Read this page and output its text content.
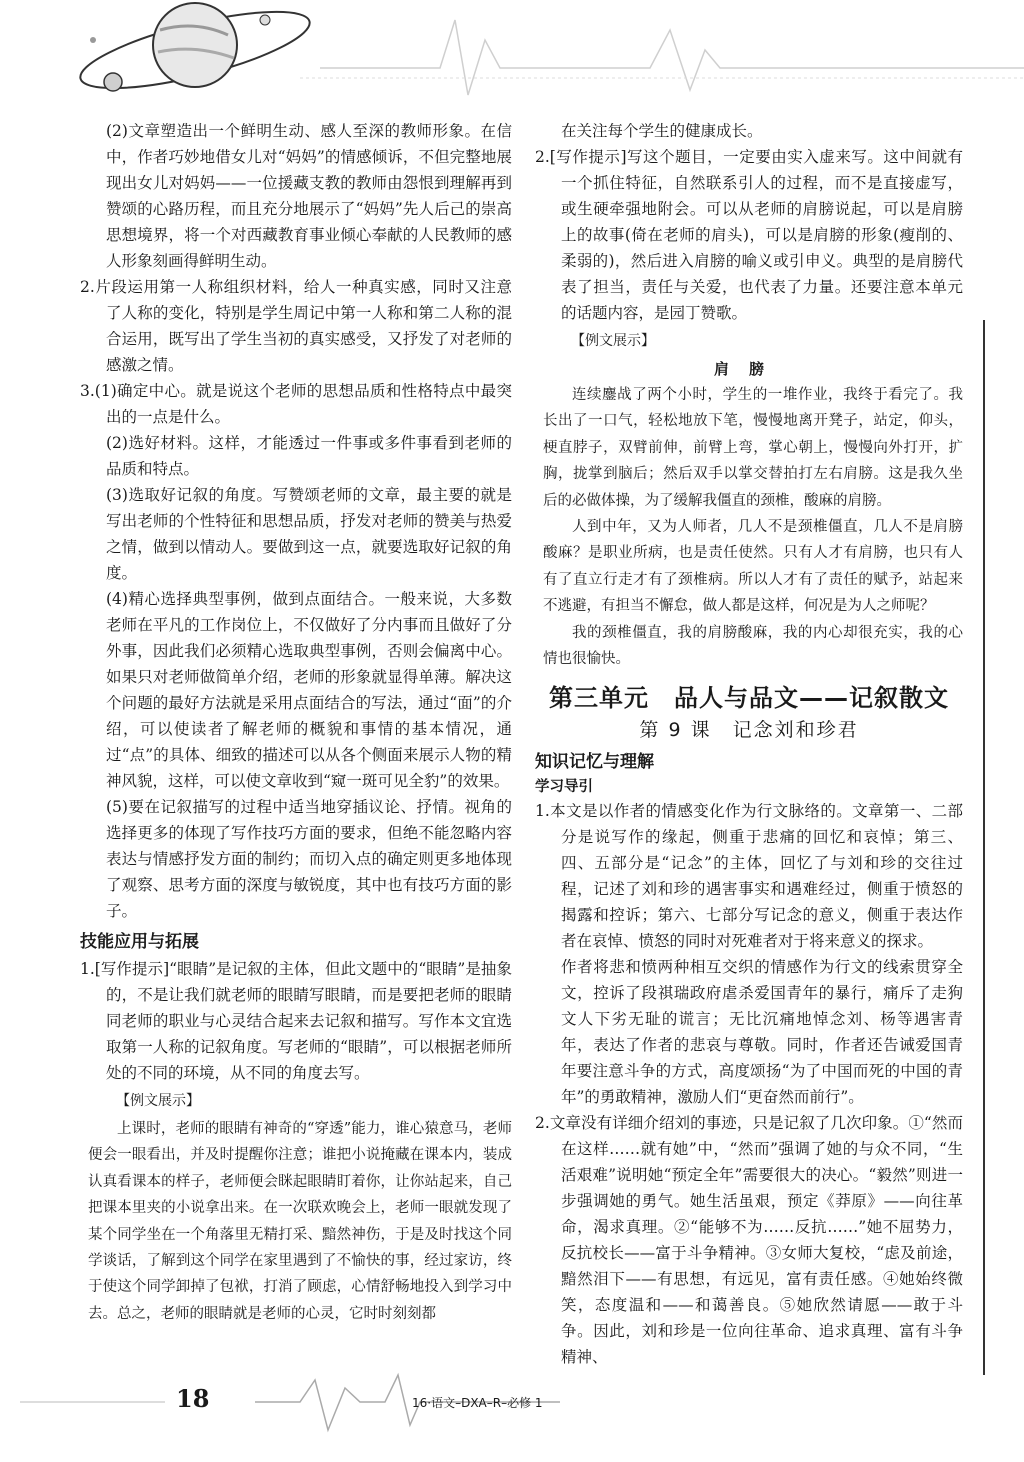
(2)文章塑造出一个鲜明生动、感人至深的教师形象。在信中，作者巧妙地借女儿对“妈妈”的情感倾诉，不但完整地展现出女儿对妈妈——一位援藏支教的教师由怨恨到理解再到赞颂的心路历程，而且充分地展示了“妈妈”先人后己的崇高思想境界，将一个对西藏教育事业倾心奉献的人民教师的感人形象刻画得鲜明生动。

2.片段运用第一人称组织材料，给人一种真实感，同时又注意了人称的变化，特别是学生周记中第一人称和第二人称的混合运用，既写出了学生当初的真实感受，又抒发了对老师的感激之情。

3.(1)确定中心。就是说这个老师的思想品质和性格特点中最突出的一点是什么。

(2)选好材料。这样，才能透过一件事或多件事看到老师的品质和特点。

(3)选取好记叙的角度。写赞颂老师的文章，最主要的就是写出老师的个性特征和思想品质，抒发对老师的赞美与热爱之情，做到以情动人。要做到这一点，就要选取好记叙的角度。

(4)精心选择典型事例，做到点面结合。一般来说，大多数老师在平凡的工作岗位上，不仅做好了分内事而且做好了分外事，因此我们必须精心选取典型事例，否则会偏离中心。如果只对老师做简单介绍，老师的形象就显得单薄。解决这个问题的最好方法就是采用点面结合的写法，通过“面”的介绍，可以使读者了解老师的概貌和事情的基本情况，通过“点”的具体、细致的描述可以从各个侧面来展示人物的精神风貌，这样，可以使文章收到“窥一斑可见全豹”的效果。

(5)要在记叙描写的过程中适当地穿插议论、抒情。视角的选择更多的体现了写作技巧方面的要求，但绝不能忽略内容表达与情感抒发方面的制约；而切入点的确定则更多地体现了观察、思考方面的深度与敏锐度，其中也有技巧方面的影子。

技能应用与拓展

1.[写作提示]“眼睛”是记叙的主体，但此文题中的“眼睛”是抽象的，不是让我们就老师的眼睛写眼睛，而是要把老师的眼睛同老师的职业与心灵结合起来去记叙和描写。写作本文宜选取第一人称的记叙角度。写老师的“眼睛”，可以根据老师所处的不同的环境，从不同的角度去写。

【例文展示】

上课时，老师的眼睛有神奇的“穿透”能力，谁心猿意马，老师便会一眼看出，并及时提醒你注意；谁把小说掩藏在课本内，装成认真看课本的样子，老师便会眯起眼睛盯着你，让你站起来，自己把课本里夹的小说拿出来。在一次联欢晚会上，老师一眼就发现了某个同学坐在一个角落里无精打采、黯然神伤，于是及时找这个同学谈话，了解到这个同学在家里遇到了不愉快的事，经过家访，终于使这个同学卸掉了包袱，打消了顾虑，心情舒畅地投入到学习中去。总之，老师的眼睛就是老师的心灵，它时时刻刻都

在关注每个学生的健康成长。

2.[写作提示]写这个题目，一定要由实入虚来写。这中间就有一个抓住特征，自然联系引人的过程，而不是直接虚写，或生硬牵强地附会。可以从老师的肩膀说起，可以是肩膀上的故事(倚在老师的肩头)，可以是肩膀的形象(瘦削的、柔弱的)，然后进入肩膀的喻义或引申义。典型的是肩膀代表了担当，责任与关爱，也代表了力量。还要注意本单元的话题内容，是园丁赞歌。

【例文展示】

肩膀

连续鏖战了两个小时，学生的一堆作业，我终于看完了。我长出了一口气，轻松地放下笔，慢慢地离开凳子，站定，仰头，梗直脖子，双臂前伸，前臂上弯，掌心朝上，慢慢向外打开，扩胸，拢掌到脑后；然后双手以掌交替拍打左右肩膀。这是我久坐后的必做体操，为了缓解我僵直的颈椎，酸麻的肩膀。

人到中年，又为人师者，几人不是颈椎僵直，几人不是肩膀酸麻？是职业所病，也是责任使然。只有人才有肩膀，也只有人有了直立行走才有了颈椎病。所以人才有了责任的赋予，站起来不逃避，有担当不懈怠，做人都是这样，何况是为人之师呢？

我的颈椎僵直，我的肩膀酸麻，我的内心却很充实，我的心情也很愉快。

第三单元　品人与品文——记叙散文

第 9 课　记念刘和珍君

知识记忆与理解

学习导引

1.本文是以作者的情感变化作为行文脉络的。文章第一、二部分是说写作的缘起，侧重于悲痛的回忆和哀悼；第三、四、五部分是“记念”的主体，回忆了与刘和珍的交往过程，记述了刘和珍的遇害事实和遇难经过，侧重于愤怒的揭露和控诉；第六、七部分写记念的意义，侧重于表达作者在哀悼、愤怒的同时对死难者对于将来意义的探求。

作者将悲和愤两种相互交织的情感作为行文的线索贯穿全文，控诉了段祺瑞政府虐杀爱国青年的暴行，痛斥了走狗文人下劣无耻的谎言；无比沉痛地悼念刘、杨等遇害青年，表达了作者的悲哀与尊敬。同时，作者还告诫爱国青年要注意斗争的方式，高度颂扬“为了中国而死的中国的青年”的勇敢精神，激励人们“更奋然而前行”。

2.文章没有详细介绍刘的事迹，只是记叙了几次印象。①“然而在这样……就有她”中，“然而”强调了她的与众不同，“生活艰难”说明她“预定全年”需要很大的决心。“毅然”则进一步强调她的勇气。她生活虽艰，预定《莽原》——向往革命，渴求真理。②“能够不为……反抗……”她不屈势力，反抗校长——富于斗争精神。③女师大复校，“虑及前途，黯然泪下——有思想，有远见，富有责任感。④她始终微笑，态度温和——和蔼善良。⑤她欣然请愿——敢于斗争。因此，刘和珍是一位向往革命、追求真理、富有斗争精神、

18	16·语文–DXA–R–必修 1
